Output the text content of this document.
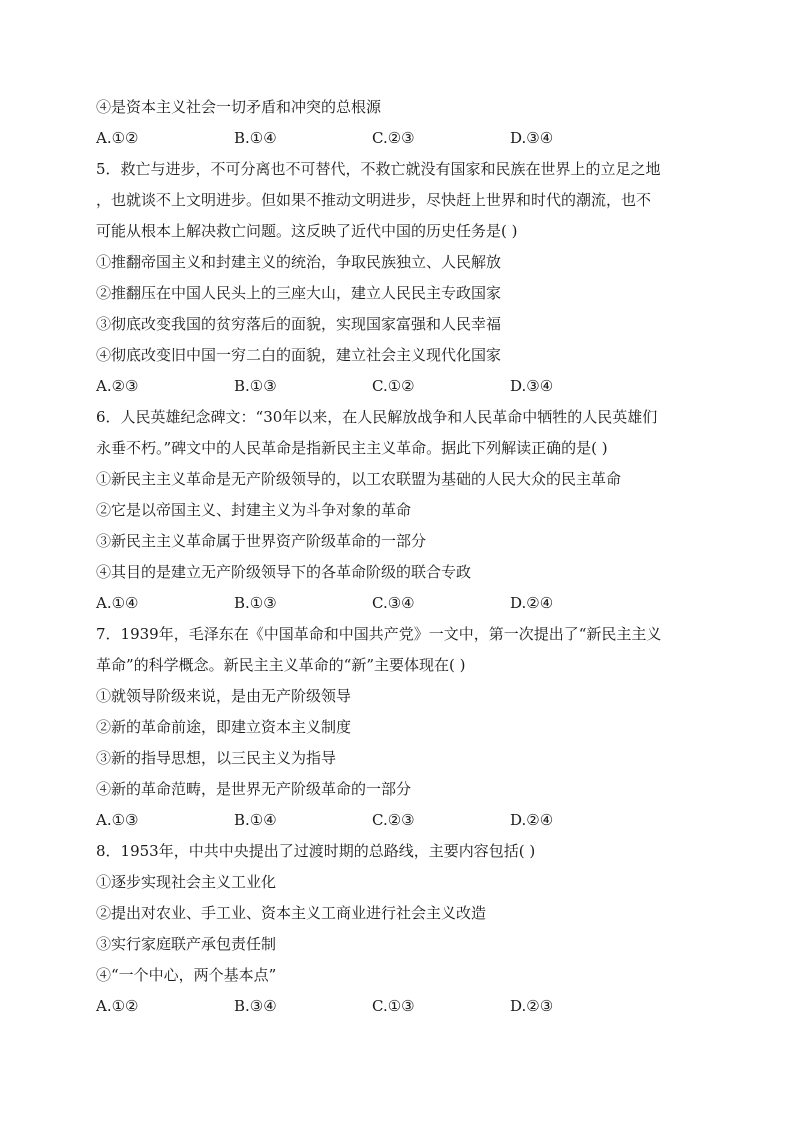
④是资本主义社会一切矛盾和冲突的总根源
A.①②	B.①④	C.②③	D.③④
5．救亡与进步，不可分离也不可替代，不救亡就没有国家和民族在世界上的立足之地
，也就谈不上文明进步。但如果不推动文明进步，尽快赶上世界和时代的潮流，也不
可能从根本上解决救亡问题。这反映了近代中国的历史任务是( )
①推翻帝国主义和封建主义的统治，争取民族独立、人民解放
②推翻压在中国人民头上的三座大山，建立人民民主专政国家
③彻底改变我国的贫穷落后的面貌，实现国家富强和人民幸福
④彻底改变旧中国一穷二白的面貌，建立社会主义现代化国家
A.②③	B.①③	C.①②	D.③④
6．人民英雄纪念碑文：“30年以来，在人民解放战争和人民革命中牺牲的人民英雄们
永垂不朽。”碑文中的人民革命是指新民主主义革命。据此下列解读正确的是( )
①新民主主义革命是无产阶级领导的，以工农联盟为基础的人民大众的民主革命
②它是以帝国主义、封建主义为斗争对象的革命
③新民主主义革命属于世界资产阶级革命的一部分
④其目的是建立无产阶级领导下的各革命阶级的联合专政
A.①④	B.①③	C.③④	D.②④
7．1939年，毛泽东在《中国革命和中国共产党》一文中，第一次提出了“新民主主义
革命”的科学概念。新民主主义革命的“新”主要体现在( )
①就领导阶级来说，是由无产阶级领导
②新的革命前途，即建立资本主义制度
③新的指导思想，以三民主义为指导
④新的革命范畴，是世界无产阶级革命的一部分
A.①③	B.①④	C.②③	D.②④
8．1953年，中共中央提出了过渡时期的总路线，主要内容包括( )
①逐步实现社会主义工业化
②提出对农业、手工业、资本主义工商业进行社会主义改造
③实行家庭联产承包责任制
④“一个中心，两个基本点”
A.①②	B.③④	C.①③	D.②③
